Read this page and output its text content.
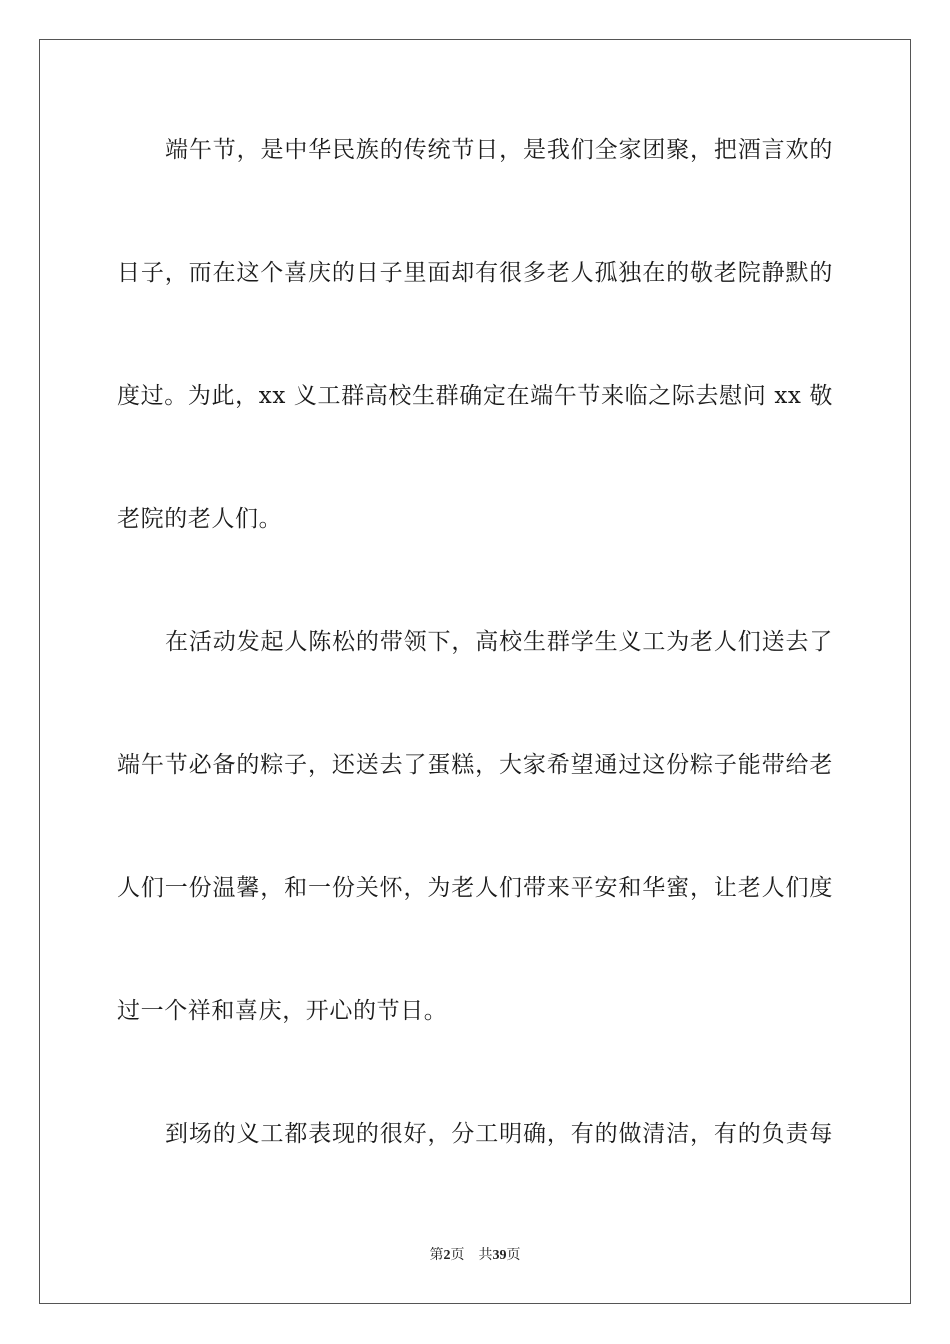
端午节，是中华民族的传统节日，是我们全家团聚，把酒言欢的
日子，而在这个喜庆的日子里面却有很多老人孤独在的敬老院静默的
度过。为此，xx 义工群高校生群确定在端午节来临之际去慰问 xx 敬
老院的老人们。
在活动发起人陈松的带领下，高校生群学生义工为老人们送去了
端午节必备的粽子，还送去了蛋糕，大家希望通过这份粽子能带给老
人们一份温馨，和一份关怀，为老人们带来平安和华蜜，让老人们度
过一个祥和喜庆，开心的节日。
到场的义工都表现的很好，分工明确，有的做清洁，有的负责每
第2页 共39页
